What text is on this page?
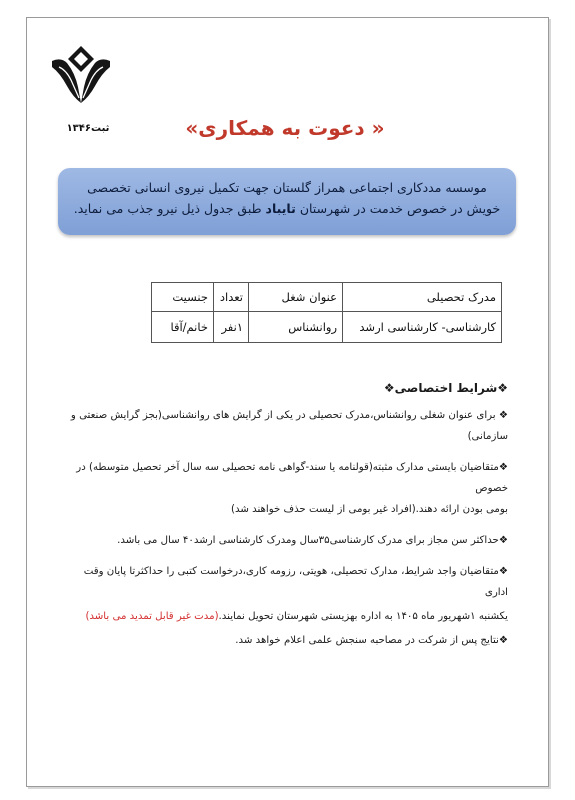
ثبت۱۳۴۶	« دعوت به همکاری»
موسسه مددکاری اجتماعی همراز گلستان جهت تکمیل نیروی انسانی تخصصی خویش در خصوص خدمت در شهرستان تایباد طبق جدول ذیل نیرو جذب می نماید.
مدرک تحصیلی	عنوان شغل	تعداد	جنسیت
کارشناسی- کارشناسی ارشد	روانشناس	۱نفر	خانم/آقا

❖شرایط اختصاصی❖

❖ برای عنوان شغلی روانشناس،مدرک تحصیلی در یکی از گرایش های روانشناسی(بجز گرایش صنعتی و سازمانی)

❖متقاضیان بایستی مدارک مثبته(قولنامه یا سند-گواهی نامه تحصیلی سه سال آخر تحصیل متوسطه) در خصوص

بومی بودن ارائه دهند.(افراد غیر بومی از لیست حذف خواهند شد)

❖حداکثر سن مجاز برای مدرک کارشناسی۳۵سال ومدرک کارشناسی ارشد۴۰ سال می باشد.

❖متقاضیان واجد شرایط، مدارک تحصیلی، هویتی، رزومه کاری،درخواست کتبی را حداکثرتا پایان وقت اداری

یکشنبه ۱شهریور ماه ۱۴۰۵ به اداره بهزیستی شهرستان تحویل نمایند.(مدت غیر قابل تمدید می باشد)

❖نتایج پس از شرکت در مصاحبه سنجش علمی اعلام خواهد شد.
